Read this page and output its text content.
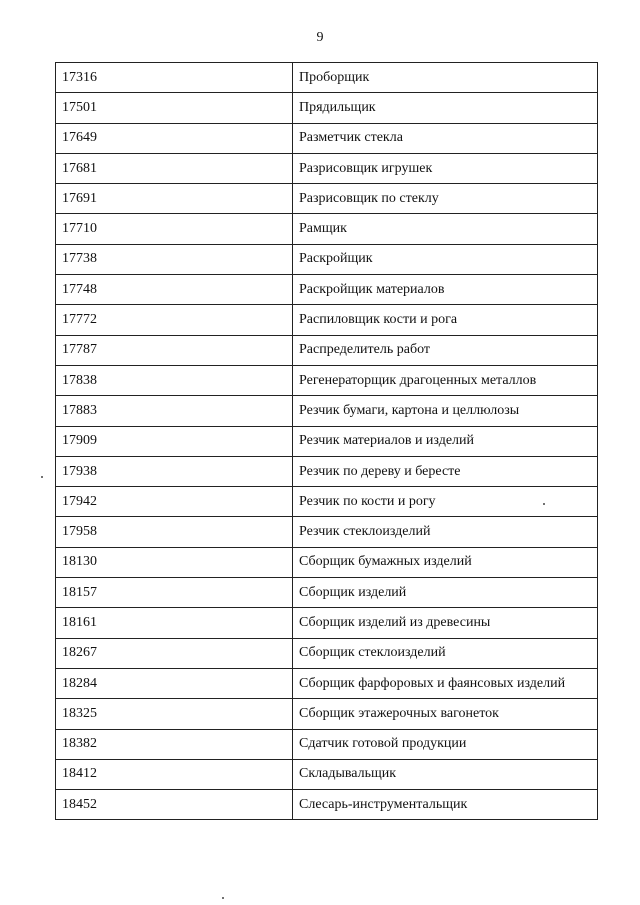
9
17316	Проборщик
17501	Прядильщик
17649	Разметчик стекла
17681	Разрисовщик игрушек
17691	Разрисовщик по стеклу
17710	Рамщик
17738	Раскройщик
17748	Раскройщик материалов
17772	Распиловщик кости и рога
17787	Распределитель работ
17838	Регенераторщик драгоценных металлов
17883	Резчик бумаги, картона и целлюлозы
17909	Резчик материалов и изделий
17938	Резчик по дереву и бересте
17942	Резчик по кости и рогу
17958	Резчик стеклоизделий
18130	Сборщик бумажных изделий
18157	Сборщик изделий
18161	Сборщик изделий из древесины
18267	Сборщик стеклоизделий
18284	Сборщик фарфоровых и фаянсовых изделий
18325	Сборщик этажерочных вагонеток
18382	Сдатчик готовой продукции
18412	Складывальщик
18452	Слесарь-инструментальщик
